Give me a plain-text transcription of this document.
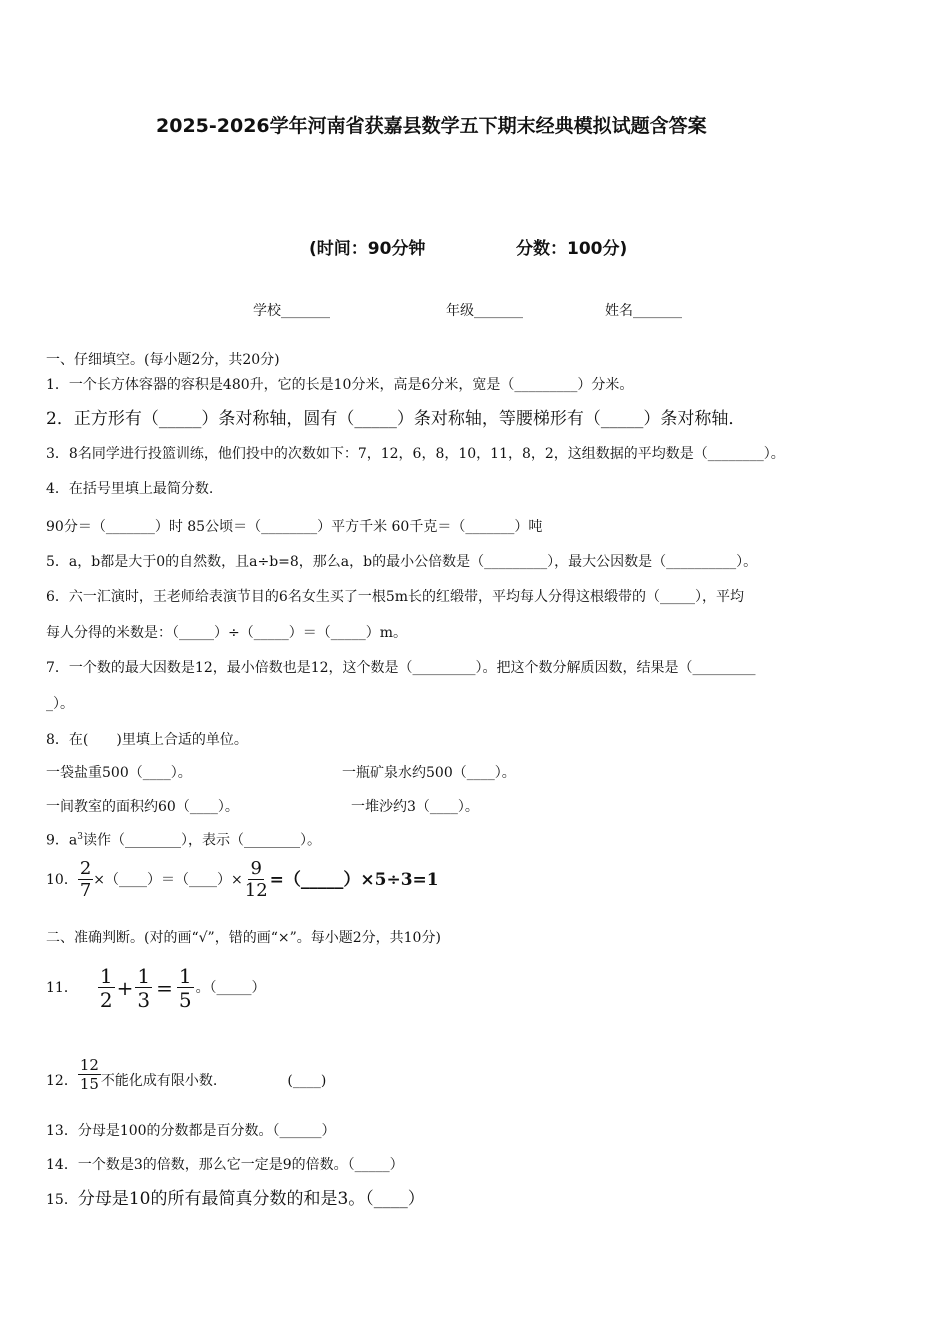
2025-2026学年河南省获嘉县数学五下期末经典模拟试题含答案
(时间：90分钟	分数：100分)
学校_______	年级_______	姓名_______
一、仔细填空。(每小题2分，共20分)
1．一个长方体容器的容积是480升，它的长是10分米，高是6分米，宽是（_________）分米。
2．正方形有（_____）条对称轴，圆有（_____）条对称轴，等腰梯形有（_____）条对称轴．
3．8名同学进行投篮训练，他们投中的次数如下：7，12，6，8，10，11，8，2，这组数据的平均数是（________）。
4．在括号里填上最简分数.
90分＝（_______）时 85公顷＝（________）平方千米 60千克＝（_______）吨
5．a，b都是大于0的自然数，且a÷b=8，那么a，b的最小公倍数是（_________），最大公因数是（__________）。
6．六一汇演时，王老师给表演节目的6名女生买了一根5m长的红缎带，平均每人分得这根缎带的（_____），平均
每人分得的米数是：（_____）÷（_____）＝（_____）m。
7．一个数的最大因数是12，最小倍数也是12，这个数是（_________）。把这个数分解质因数，结果是（_________
_）。
8．在(　　)里填上合适的单位。
一袋盐重500（____）。	一瓶矿泉水约500（____）。
一间教室的面积约60（____）。	一堆沙约3（____）。
9．$a^3$读作（________），表示（________）。
10． $\frac{2}{7}$ ×（____）＝（____）× $\frac{9}{12}$ =（_____）×5÷3=1
二、准确判断。(对的画“√”，错的画“×”。每小题2分，共10分)
11． $\frac{1}{2} + \frac{1}{3} = \frac{1}{5}$ 。（_____）
12． $\frac{12}{15}$ 不能化成有限小数.	(____)
13．分母是100的分数都是百分数。（______）
14．一个数是3的倍数，那么它一定是9的倍数。（_____）
15．分母是10的所有最简真分数的和是3。（____）
